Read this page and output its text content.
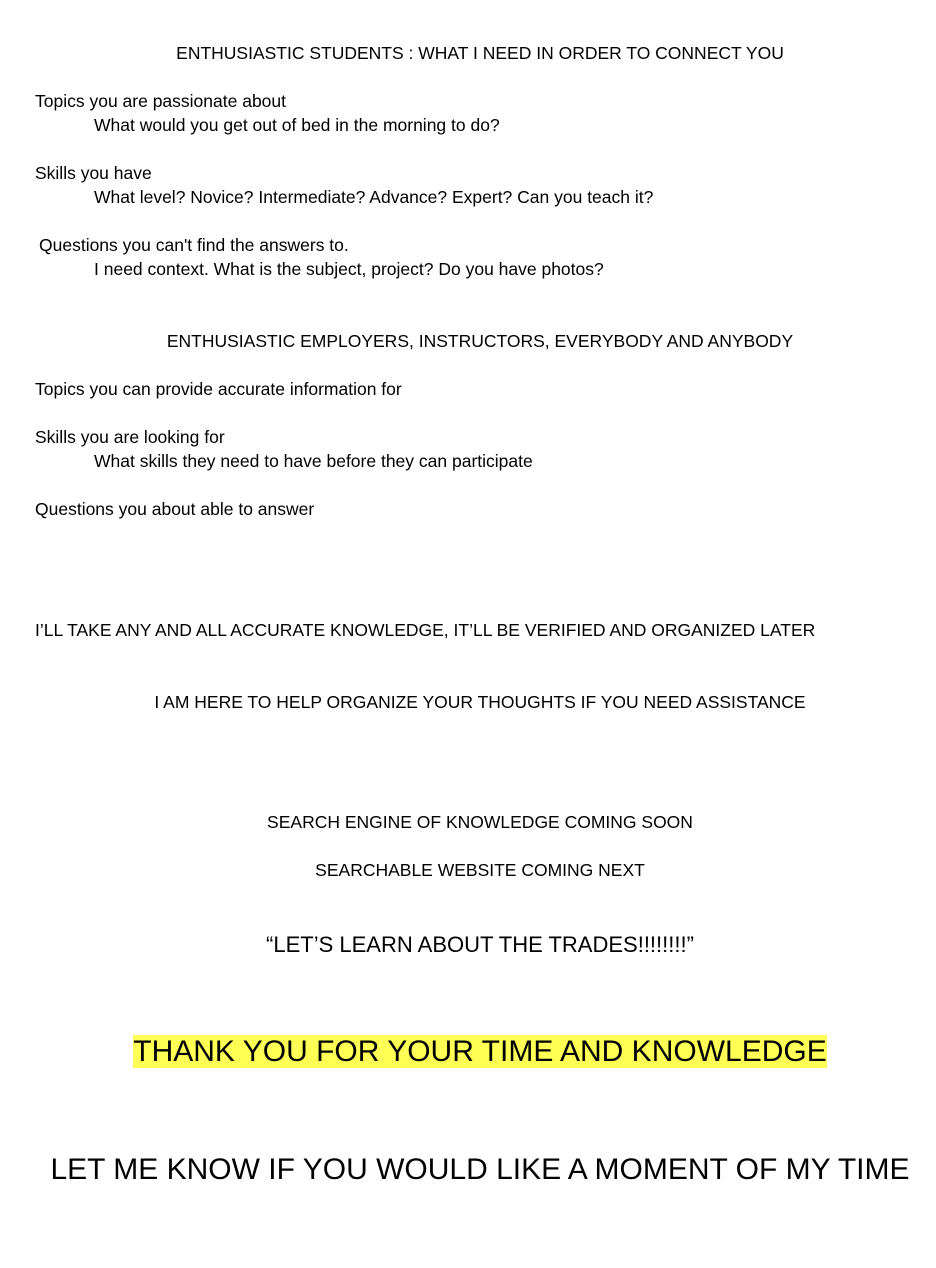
ENTHUSIASTIC STUDENTS : WHAT I NEED IN ORDER TO CONNECT YOU

Topics you are passionate about

What would you get out of bed in the morning to do?

Skills you have

What level? Novice? Intermediate? Advance? Expert? Can you teach it?

Questions you can't find the answers to.

I need context. What is the subject, project? Do you have photos?

ENTHUSIASTIC EMPLOYERS, INSTRUCTORS, EVERYBODY AND ANYBODY

Topics you can provide accurate information for

Skills you are looking for

What skills they need to have before they can participate

Questions you about able to answer

I’LL TAKE ANY AND ALL ACCURATE KNOWLEDGE, IT’LL BE VERIFIED AND ORGANIZED LATER

I AM HERE TO HELP ORGANIZE YOUR THOUGHTS IF YOU NEED ASSISTANCE

SEARCH ENGINE OF KNOWLEDGE COMING SOON

SEARCHABLE WEBSITE COMING NEXT

“LET’S LEARN ABOUT THE TRADES!!!!!!!!”

THANK YOU FOR YOUR TIME AND KNOWLEDGE

LET ME KNOW IF YOU WOULD LIKE A MOMENT OF MY TIME
